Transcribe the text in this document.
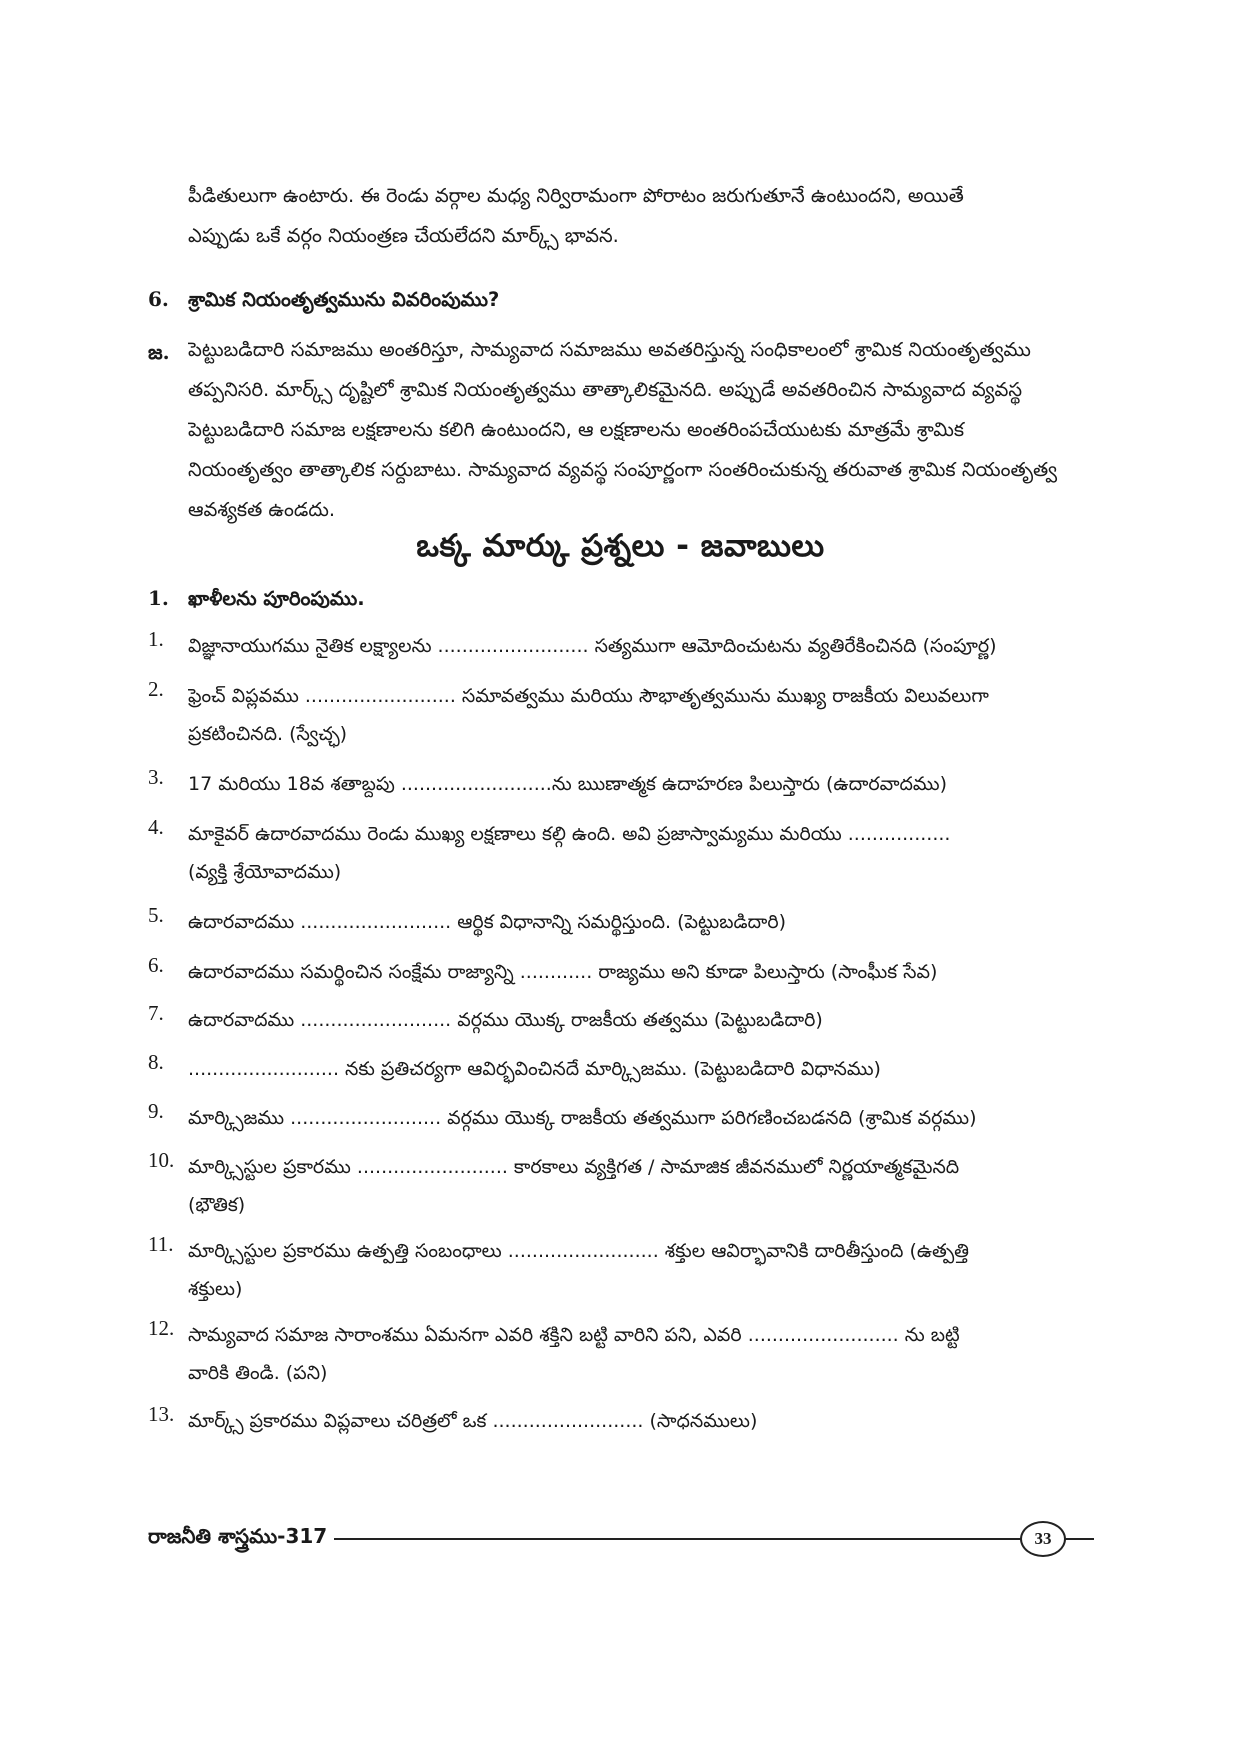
పీడితులుగా ఉంటారు. ఈ రెండు వర్గాల మధ్య నిర్విరామంగా పోరాటం జరుగుతూనే ఉంటుందని, అయితే
ఎప్పుడు ఒకే వర్గం నియంత్రణ చేయలేదని మార్క్స్ భావన.
6. శ్రామిక నియంతృత్వమును వివరింపుము?
జ. పెట్టుబడిదారి సమాజము అంతరిస్తూ, సామ్యవాద సమాజము అవతరిస్తున్న సంధికాలంలో శ్రామిక నియంతృత్వము
తప్పనిసరి. మార్క్స్ దృష్టిలో శ్రామిక నియంతృత్వము తాత్కాలికమైనది. అప్పుడే అవతరించిన సామ్యవాద వ్యవస్థ
పెట్టుబడిదారి సమాజ లక్షణాలను కలిగి ఉంటుందని, ఆ లక్షణాలను అంతరింపచేయుటకు మాత్రమే శ్రామిక
నియంతృత్వం తాత్కాలిక సర్దుబాటు. సామ్యవాద వ్యవస్థ సంపూర్ణంగా సంతరించుకున్న తరువాత శ్రామిక నియంతృత్వ
ఆవశ్యకత ఉండదు.
ఒక్క మార్కు ప్రశ్నలు - జవాబులు
1. ఖాళీలను పూరింపుము.
1.	విజ్ఞానాయుగము నైతిక లక్ష్యాలను ......................... సత్యముగా ఆమోదించుటను వ్యతిరేకించినది (సంపూర్ణ)
2.	ఫ్రెంచ్ విప్లవము ......................... సమావత్వము మరియు సౌభాతృత్వమును ముఖ్య రాజకీయ విలువలుగా
ప్రకటించినది. (స్వేచ్ఛ)
3.	17 మరియు 18వ శతాబ్దపు .........................ను ఋణాత్మక ఉదాహరణ పిలుస్తారు (ఉదారవాదము)
4.	మాకైవర్ ఉదారవాదము రెండు ముఖ్య లక్షణాలు కల్గి ఉంది. అవి ప్రజాస్వామ్యము మరియు .................
(వ్యక్తి శ్రేయోవాదము)
5.	ఉదారవాదము ......................... ఆర్థిక విధానాన్ని సమర్థిస్తుంది. (పెట్టుబడిదారి)
6.	ఉదారవాదము సమర్థించిన సంక్షేమ రాజ్యాన్ని ............ రాజ్యము అని కూడా పిలుస్తారు (సాంఘీక సేవ)
7.	ఉదారవాదము ......................... వర్గము యొక్క రాజకీయ తత్వము (పెట్టుబడిదారి)
8.	......................... నకు ప్రతిచర్యగా ఆవిర్భవించినదే మార్క్సిజము. (పెట్టుబడిదారి విధానము)
9.	మార్క్సిజము ......................... వర్గము యొక్క రాజకీయ తత్వముగా పరిగణించబడనది (శ్రామిక వర్గము)
10. మార్క్సిస్టుల ప్రకారము ......................... కారకాలు వ్యక్తిగత / సామాజిక జీవనములో నిర్ణయాత్మకమైనది
(భౌతిక)
11. మార్క్సిస్టుల ప్రకారము ఉత్పత్తి సంబంధాలు ......................... శక్తుల ఆవిర్భావానికి దారితీస్తుంది (ఉత్పత్తి
శక్తులు)
12. సామ్యవాద సమాజ సారాంశము ఏమనగా ఎవరి శక్తిని బట్టి వారిని పని, ఎవరి ......................... ను బట్టి
వారికి తిండి. (పని)
13. మార్క్స్ ప్రకారము విప్లవాలు చరిత్రలో ఒక ......................... (సాధనములు)
రాజనీతి శాస్త్రము-317	33
